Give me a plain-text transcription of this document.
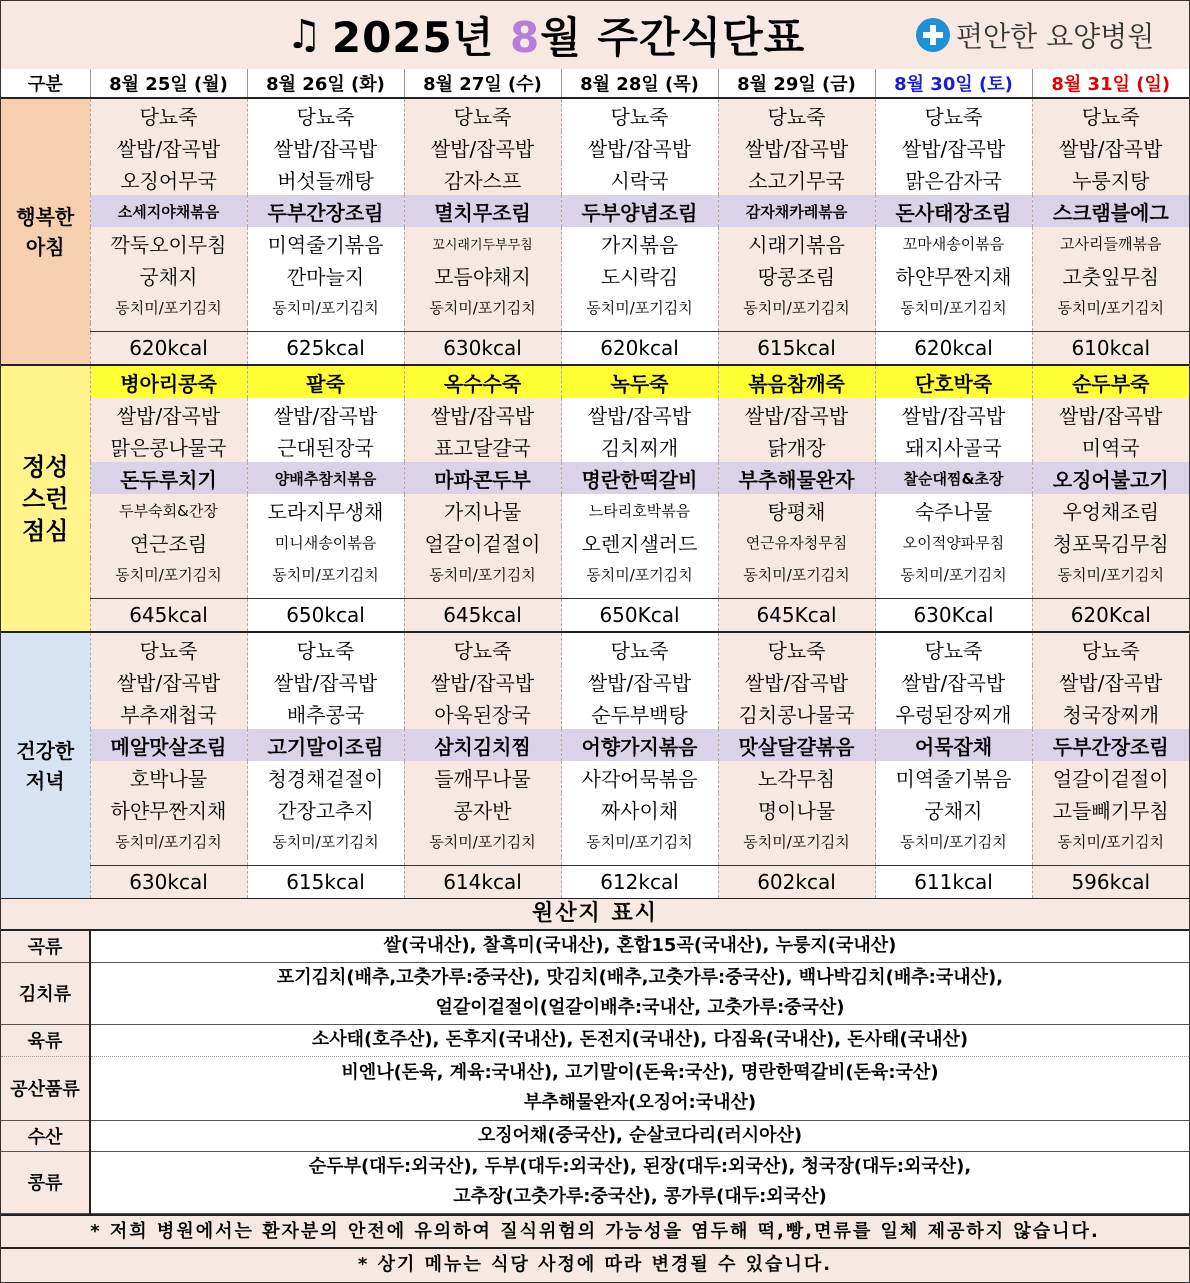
♫ 2025년 8월 주간식단표	편안한 요양병원
구분	8월 25일 (월)	8월 26일 (화)	8월 27일 (수)	8월 28일 (목)	8월 29일 (금)	8월 30일 (토)	8월 31일 (일)
행복한
아침	당뇨죽	당뇨죽	당뇨죽	당뇨죽	당뇨죽	당뇨죽	당뇨죽
	쌀밥/잡곡밥	쌀밥/잡곡밥	쌀밥/잡곡밥	쌀밥/잡곡밥	쌀밥/잡곡밥	쌀밥/잡곡밥	쌀밥/잡곡밥
	오징어무국	버섯들깨탕	감자스프	시락국	소고기무국	맑은감자국	누룽지탕
	소세지야채볶음	두부간장조림	멸치무조림	두부양념조림	감자채카레볶음	돈사태장조림	스크램블에그
	깍둑오이무침	미역줄기볶음	꼬시래기두부무침	가지볶음	시래기볶음	꼬마새송이볶음	고사리들깨볶음
	궁채지	깐마늘지	모듬야채지	도시락김	땅콩조림	하얀무짠지채	고춧잎무침
	동치미/포기김치	동치미/포기김치	동치미/포기김치	동치미/포기김치	동치미/포기김치	동치미/포기김치	동치미/포기김치

	620kcal	625kcal	630kcal	620kcal	615kcal	620kcal	610kcal
정성
스런
점심	병아리콩죽	팥죽	옥수수죽	녹두죽	볶음참깨죽	단호박죽	순두부죽
	쌀밥/잡곡밥	쌀밥/잡곡밥	쌀밥/잡곡밥	쌀밥/잡곡밥	쌀밥/잡곡밥	쌀밥/잡곡밥	쌀밥/잡곡밥
	맑은콩나물국	근대된장국	표고달걀국	김치찌개	닭개장	돼지사골국	미역국
	돈두루치기	양배추참치볶음	마파콘두부	명란한떡갈비	부추해물완자	찰순대찜&초장	오징어불고기
	두부숙회&간장	도라지무생채	가지나물	느타리호박볶음	탕평채	숙주나물	우엉채조림
	연근조림	미니새송이볶음	얼갈이겉절이	오렌지샐러드	연근유자청무침	오이적양파무침	청포묵김무침
	동치미/포기김치	동치미/포기김치	동치미/포기김치	동치미/포기김치	동치미/포기김치	동치미/포기김치	동치미/포기김치

	645kcal	650kcal	645kcal	650Kcal	645Kcal	630Kcal	620Kcal
건강한
저녁	당뇨죽	당뇨죽	당뇨죽	당뇨죽	당뇨죽	당뇨죽	당뇨죽
	쌀밥/잡곡밥	쌀밥/잡곡밥	쌀밥/잡곡밥	쌀밥/잡곡밥	쌀밥/잡곡밥	쌀밥/잡곡밥	쌀밥/잡곡밥
	부추재첩국	배추콩국	아욱된장국	순두부백탕	김치콩나물국	우렁된장찌개	청국장찌개
	메알맛살조림	고기말이조림	삼치김치찜	어향가지볶음	맛살달걀볶음	어묵잡채	두부간장조림
	호박나물	청경채겉절이	들깨무나물	사각어묵볶음	노각무침	미역줄기볶음	얼갈이겉절이
	하얀무짠지채	간장고추지	콩자반	짜사이채	명이나물	궁채지	고들빼기무침
	동치미/포기김치	동치미/포기김치	동치미/포기김치	동치미/포기김치	동치미/포기김치	동치미/포기김치	동치미/포기김치

	630kcal	615kcal	614kcal	612kcal	602kcal	611kcal	596kcal

원산지 표시
곡류	쌀(국내산), 찰흑미(국내산), 혼합15곡(국내산), 누룽지(국내산)
김치류	포기김치(배추,고춧가루:중국산), 맛김치(배추,고춧가루:중국산), 백나박김치(배추:국내산),
얼갈이겉절이(얼갈이배추:국내산, 고춧가루:중국산)

육류	소사태(호주산), 돈후지(국내산), 돈전지(국내산), 다짐육(국내산), 돈사태(국내산)
공산품류	비엔나(돈육, 계육:국내산), 고기말이(돈육:국산), 명란한떡갈비(돈육:국산)
부추해물완자(오징어:국내산)

수산	오징어채(중국산), 순살코다리(러시아산)
콩류	순두부(대두:외국산), 두부(대두:외국산), 된장(대두:외국산), 청국장(대두:외국산),
고추장(고춧가루:중국산), 콩가루(대두:외국산)
* 저희 병원에서는 환자분의 안전에 유의하여 질식위험의 가능성을 염두해 떡,빵,면류를 일체 제공하지 않습니다.
* 상기 메뉴는 식당 사정에 따라 변경될 수 있습니다.
